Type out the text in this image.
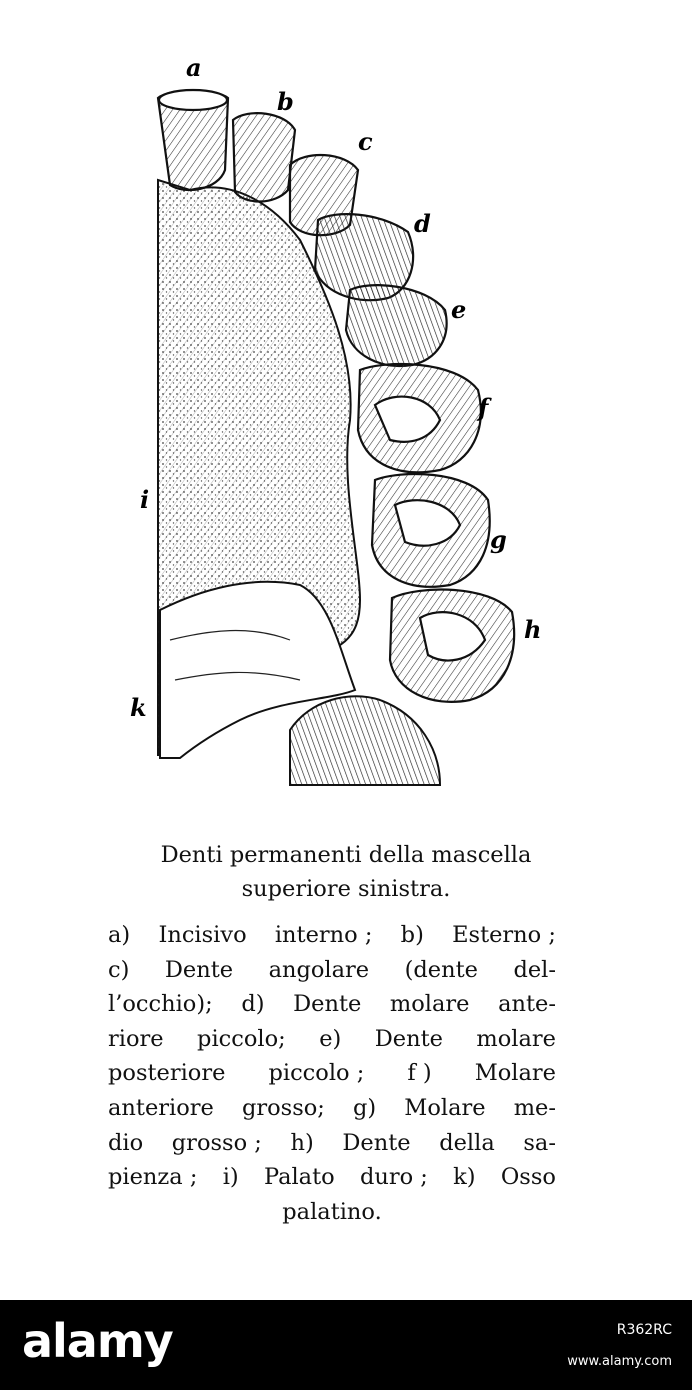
a
b
c
d
e
f
g
h
i
k
Denti permanenti della mascella
superiore sinistra.
a) Incisivo interno ; b) Esterno ;
c) Dente angolare (dente del-
l’occhio); d) Dente molare ante-
riore piccolo; e) Dente molare
posteriore piccolo ; f ) Molare
anteriore grosso; g) Molare me-
dio grosso ; h) Dente della sa-
pienza ; i) Palato duro ; k) Osso
palatino.
alamy	R362RC
www.alamy.com
